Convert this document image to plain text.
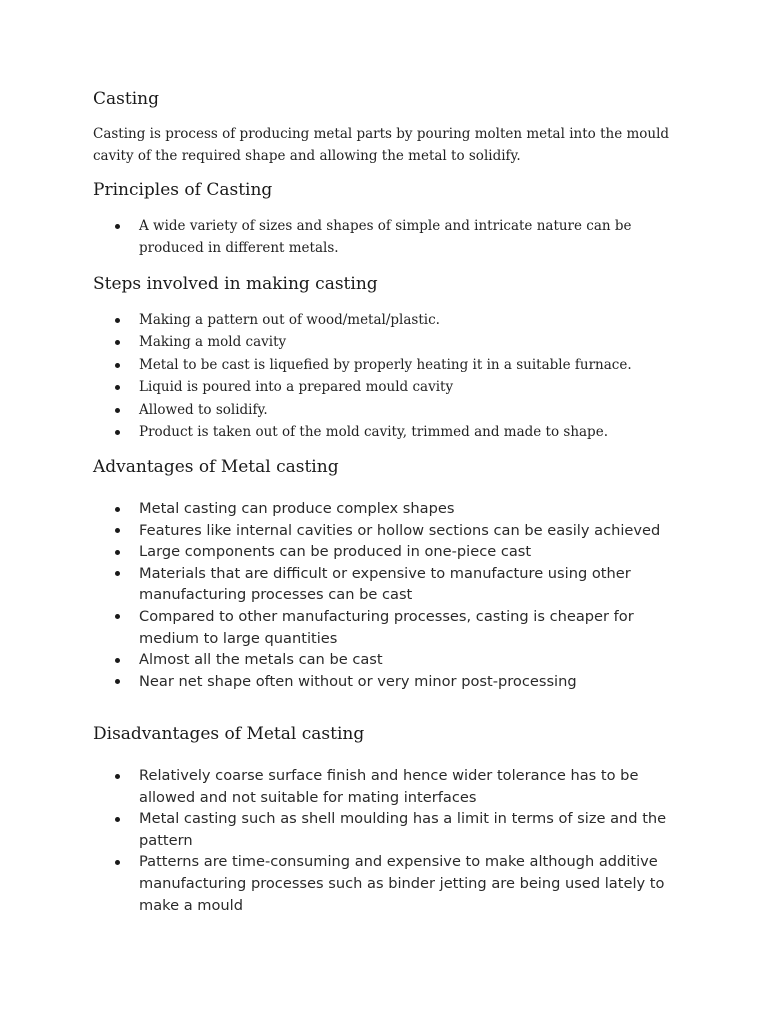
Casting

Casting is process of producing metal parts by pouring molten metal into the mould cavity of the required shape and allowing the metal to solidify.

Principles of Casting
A wide variety of sizes and shapes of simple and intricate nature can be produced in different metals.
Steps involved in making casting
Making a pattern out of wood/metal/plastic.
Making a mold cavity
Metal to be cast is liquefied by properly heating it in a suitable furnace.
Liquid is poured into a prepared mould cavity
Allowed to solidify.
Product is taken out of the mold cavity, trimmed and made to shape.
Advantages of Metal casting
Metal casting can produce complex shapes
Features like internal cavities or hollow sections can be easily achieved
Large components can be produced in one-piece cast
Materials that are difficult or expensive to manufacture using other manufacturing processes can be cast
Compared to other manufacturing processes, casting is cheaper for medium to large quantities
Almost all the metals can be cast
Near net shape often without or very minor post-processing
Disadvantages of Metal casting
Relatively coarse surface finish and hence wider tolerance has to be allowed and not suitable for mating interfaces
Metal casting such as shell moulding has a limit in terms of size and the pattern
Patterns are time-consuming and expensive to make although additive manufacturing processes such as binder jetting are being used lately to make a mould
